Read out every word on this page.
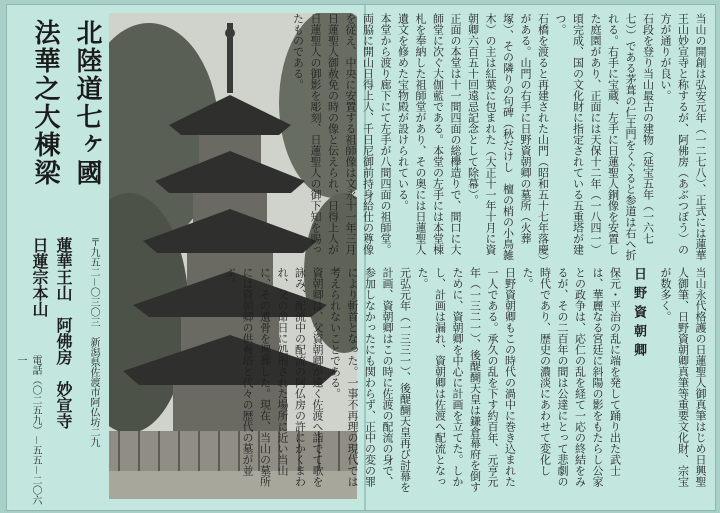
北陸道七ヶ國
法華之大棟梁
日蓮宗本山 蓮華王山　阿佛房　妙宣寺 〒九五二－〇三〇三　新潟県佐渡市阿仏坊二九
電話（〇二五九）－五五－二〇六一

当山の開創は弘安元年（一二七八）、正式には蓮華王山妙宣寺と称するが、阿佛房（あぶつぼう）の方が通りが良い。
石段を登り当山最古の建物（延宝五年（一六七七））である茅葺の仁王門をくぐると参道は右へ折れる。右手に宝蔵、左手に日蓮聖人銅像を安置した庭園があり、正面には天保十二年（一八四一）頃完成、国の文化財に指定されている五重塔が建つ。
石橋を渡ると再建された山門（昭和五十七年落慶）がある。山門の右手に日野資朝卿の墓所（火葬塚）、その隣りの句碑（秋だけし　檀の梢の小鳥雑木）の主は紅葉に包まれた（大正十一年十月に資朝卿六百五十回遠忌記念として除幕）。
正面の本堂は十一間四面の総欅造りで、間口に大師堂に次ぐ大伽藍である。本堂の左手には本堂棟札を奉納した祖師堂があり、その奥には日蓮聖人遺文を修めた宝物殿が設けられている。
本堂から渡り廊下にて左手が八間四面の祖師堂。両脇に開山日得上人、千日尼御前持身給仕の尊像を従え、中央に安置する祖師像は文永十一年三月日蓮聖人御赦免の時の像と伝えられ、日得上人が日蓮聖人の御影を彫刻、日蓮聖人の御下知を賜ったものである。

当山永代格護の日蓮聖人御真筆はじめ日興聖人御筆、日野資朝卿真筆等重要文化財、宗宝が数多く。

日野資朝卿

保元・平治の乱に端を発して踊り出た武士は、華麗なる宮廷に斜陽の影をもたらし公家との政争は、応仁の乱を経て一応の終結をみるが、その二百年の間は公達にとって悲劇の時代であり、歴史の濃淡にあわせて変化した。
日野資朝卿もこの時代の渦中に巻き込まれた一人である。承久の乱を下す約百年、元亨元年（一三二一）、後醍醐天皇は鎌倉幕府を倒すために、資朝卿を中心に計画を立てた。しかし、計画は漏れ、資朝卿は佐渡へ配流となった。

元弘元年（一三三一）、後醍醐天皇再び討幕を計画、資朝卿はこの時に佐渡の配流の身で、参加しなかったにも関わらず、正中の変の罪により斬首となった。一事不再理の現代では考えられないことである。
資朝卿は、父資朝卿が遠く佐渡へ詣でて歌を詠み、配流中の配流の阿仏房の許にかくまわれ、父の命日に処刑された場所に近い当山に、その遺骨を埋葬した。現在、当山の墓所には資朝卿の供養塔と代々の歴代の墓が並ぶ。
